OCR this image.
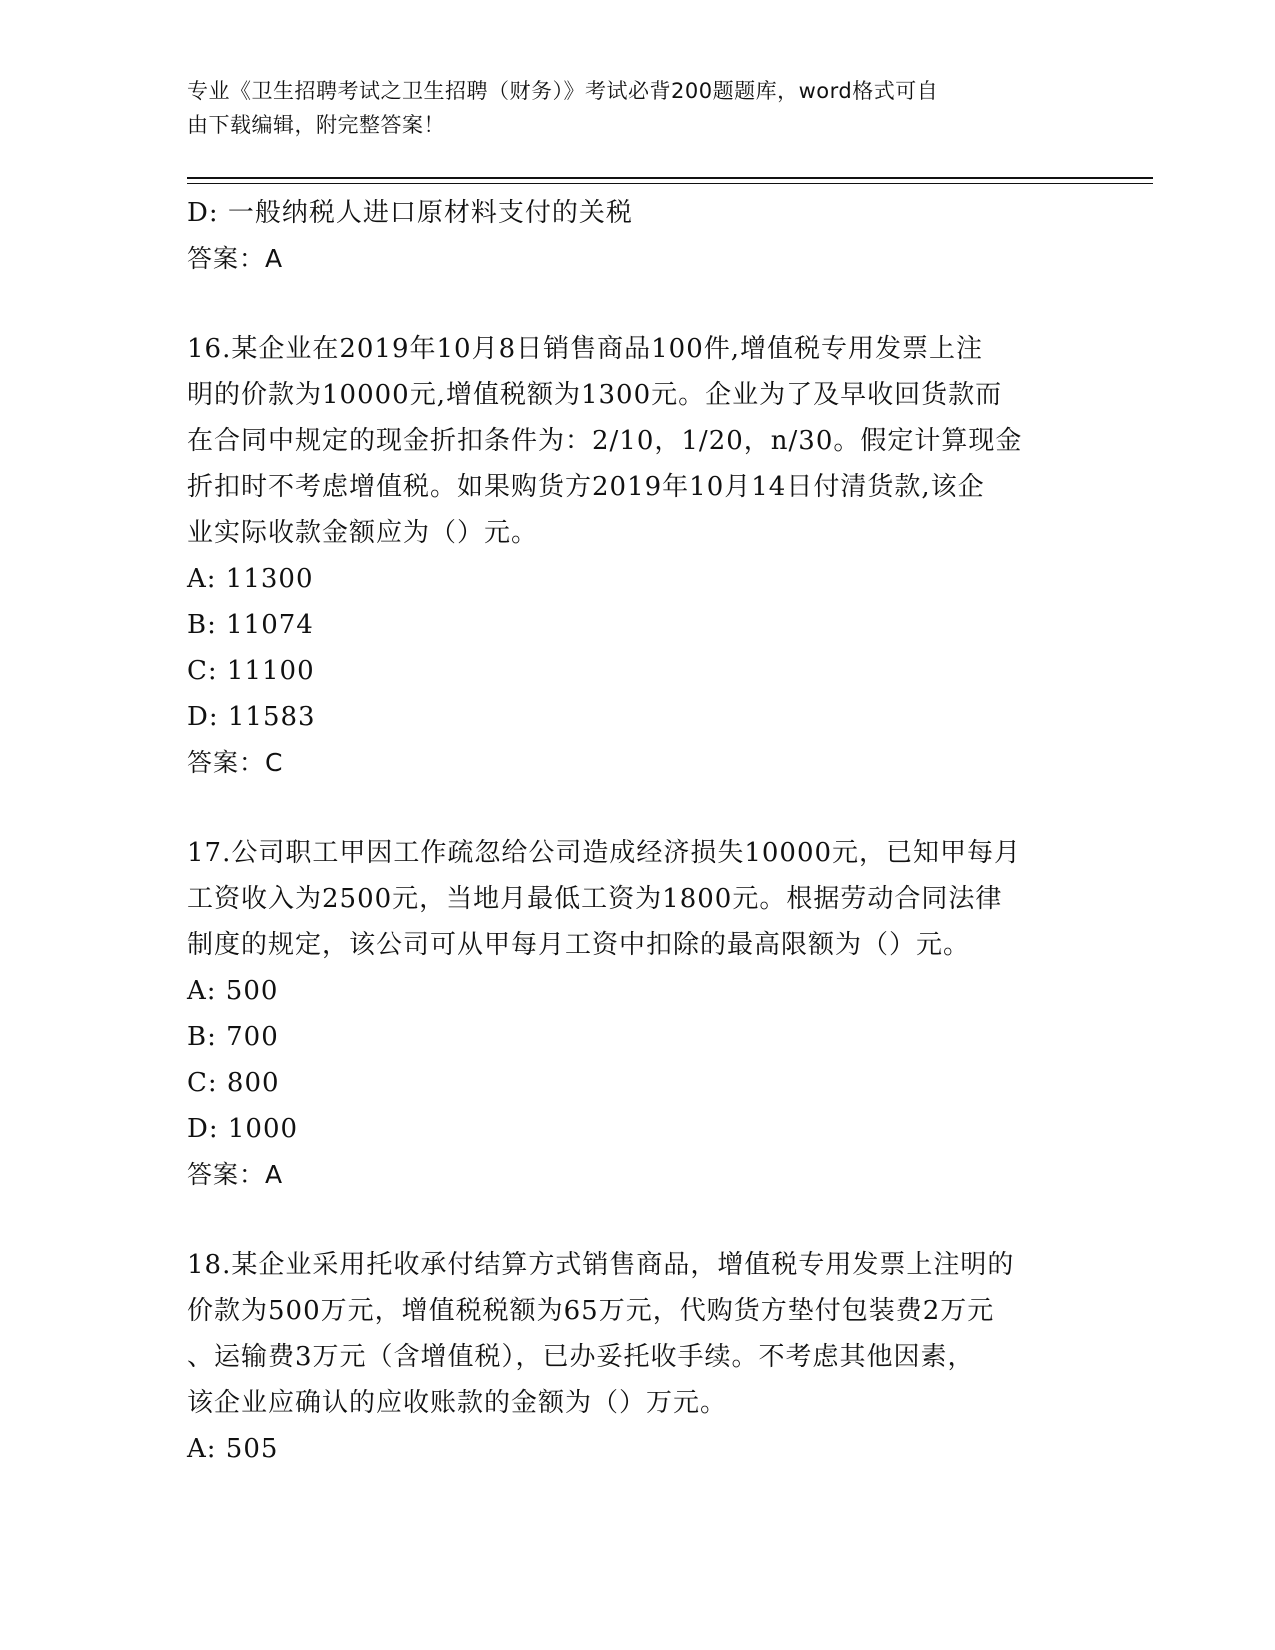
专业《卫生招聘考试之卫生招聘（财务）》考试必背200题题库，word格式可自
由下载编辑，附完整答案！
D: 一般纳税人进口原材料支付的关税
答案：A
16.某企业在2019年10月8日销售商品100件,增值税专用发票上注
明的价款为10000元,增值税额为1300元。企业为了及早收回货款而
在合同中规定的现金折扣条件为：2/10，1/20，n/30。假定计算现金
折扣时不考虑增值税。如果购货方2019年10月14日付清货款,该企
业实际收款金额应为（）元。
A: 11300
B: 11074
C: 11100
D: 11583
答案：C
17.公司职工甲因工作疏忽给公司造成经济损失10000元，已知甲每月
工资收入为2500元，当地月最低工资为1800元。根据劳动合同法律
制度的规定，该公司可从甲每月工资中扣除的最高限额为（）元。
A: 500
B: 700
C: 800
D: 1000
答案：A
18.某企业采用托收承付结算方式销售商品，增值税专用发票上注明的
价款为500万元，增值税税额为65万元，代购货方垫付包装费2万元
、运输费3万元（含增值税），已办妥托收手续。不考虑其他因素，
该企业应确认的应收账款的金额为（）万元。
A: 505
